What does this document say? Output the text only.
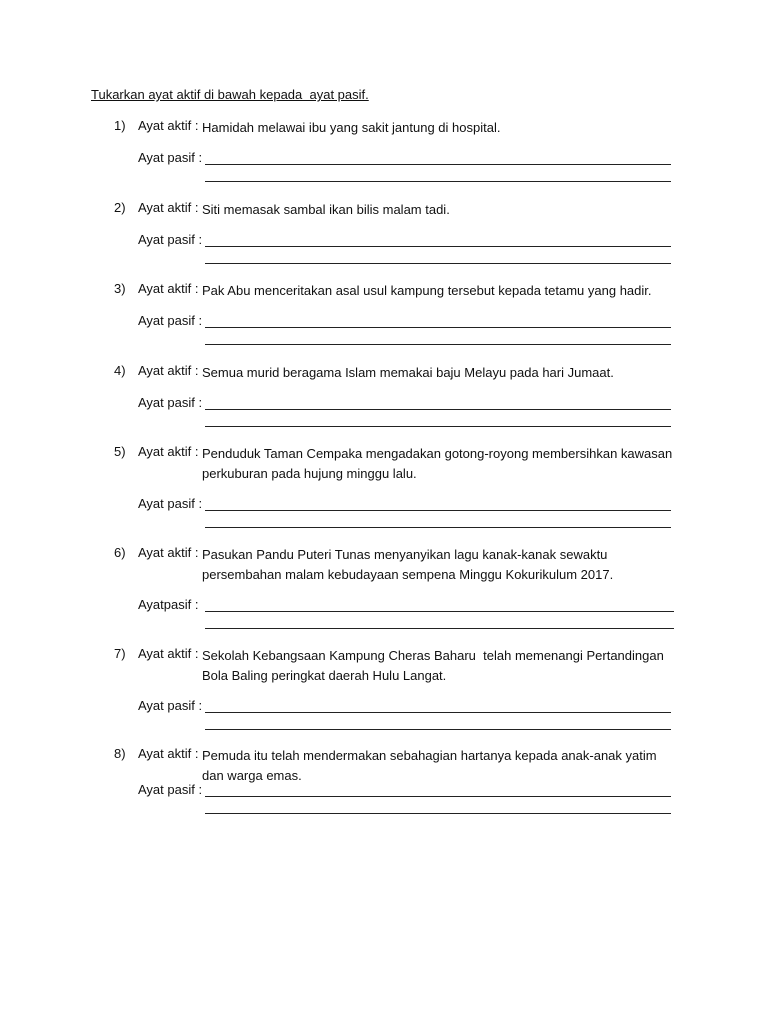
Tukarkan ayat aktif di bawah kepada  ayat pasif.
1) Ayat aktif : Hamidah melawai ibu yang sakit jantung di hospital.
Ayat pasif :
2) Ayat aktif : Siti memasak sambal ikan bilis malam tadi.
Ayat pasif :
3) Ayat aktif : Pak Abu menceritakan asal usul kampung tersebut kepada tetamu yang hadir.
Ayat pasif :
4) Ayat aktif : Semua murid beragama Islam memakai baju Melayu pada hari Jumaat.
Ayat pasif :
5) Ayat aktif : Penduduk Taman Cempaka mengadakan gotong-royong membersihkan kawasan
perkuburan pada hujung minggu lalu.
Ayat pasif :
6) Ayat aktif : Pasukan Pandu Puteri Tunas menyanyikan lagu kanak-kanak sewaktu
persembahan malam kebudayaan sempena Minggu Kokurikulum 2017.
Ayatpasif :
7) Ayat aktif : Sekolah Kebangsaan Kampung Cheras Baharu  telah memenangi Pertandingan
Bola Baling peringkat daerah Hulu Langat.
Ayat pasif :
8) Ayat aktif : Pemuda itu telah mendermakan sebahagian hartanya kepada anak-anak yatim
dan warga emas.
Ayat pasif :
